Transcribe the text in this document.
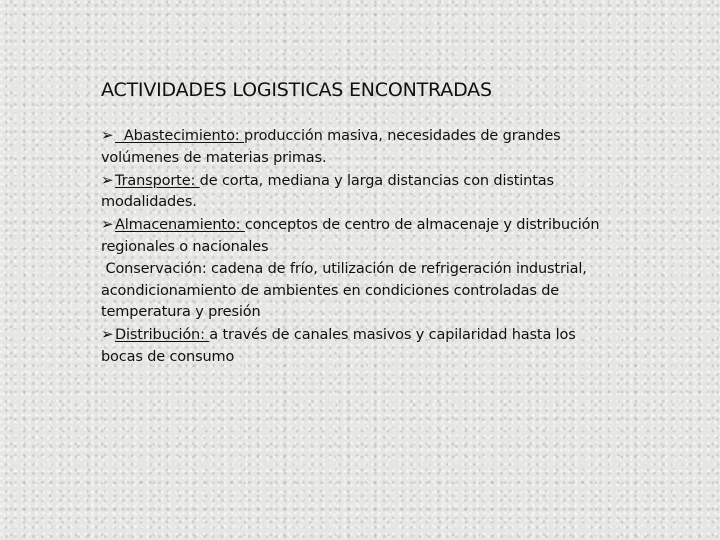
ACTIVIDADES LOGISTICAS ENCONTRADAS

➢  Abastecimiento: producción masiva, necesidades de grandes volúmenes de materias primas.

➢ Transporte: de corta, mediana y larga distancias con distintas modalidades.

➢ Almacenamiento: conceptos de centro de almacenaje y distribución regionales o nacionales

Conservación: cadena de frío, utilización de refrigeración industrial, acondicionamiento de ambientes en condiciones controladas de temperatura y presión

➢ Distribución: a través de canales masivos y capilaridad hasta los bocas de consumo
